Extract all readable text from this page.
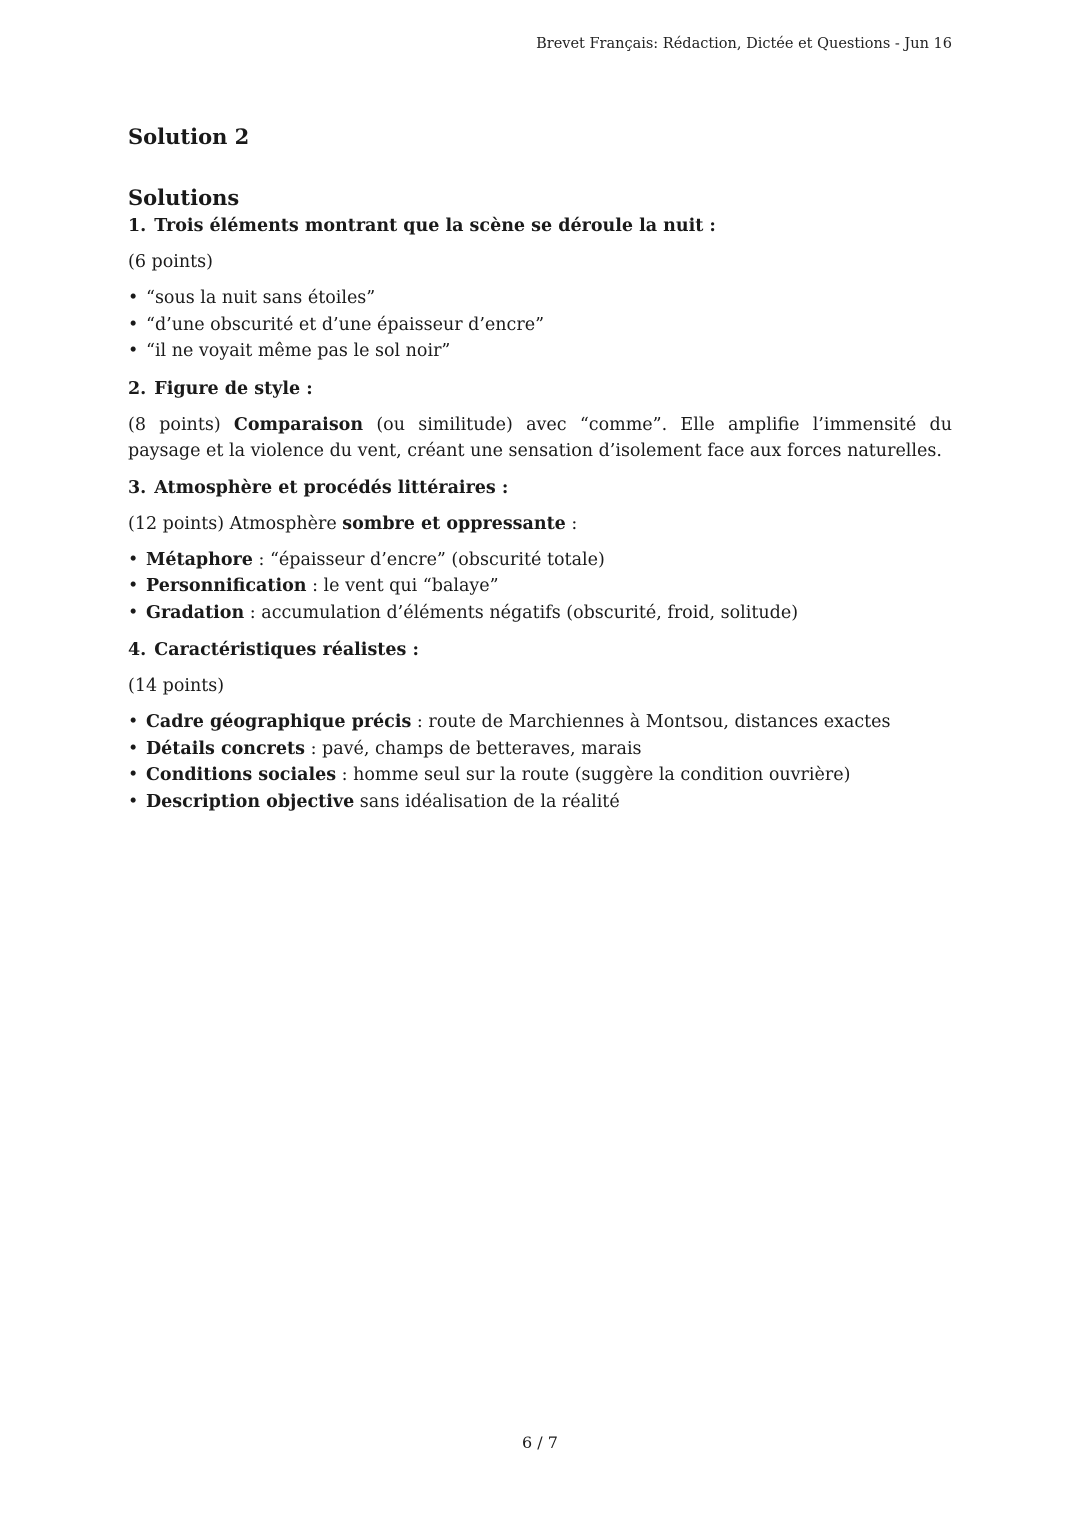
Brevet Français: Rédaction, Dictée et Questions - Jun 16
Solution 2
Solutions

1. Trois éléments montrant que la scène se déroule la nuit :

(6 points)

• “sous la nuit sans étoiles”
• “d’une obscurité et d’une épaisseur d’encre”
• “il ne voyait même pas le sol noir”

2. Figure de style :

(8 points) Comparaison (ou similitude) avec “comme”. Elle amplifie l’immensité du paysage et la violence du vent, créant une sensation d’isolement face aux forces naturelles.

3. Atmosphère et procédés littéraires :

(12 points) Atmosphère sombre et oppressante :

• Métaphore : “épaisseur d’encre” (obscurité totale)
• Personnification : le vent qui “balaye”
• Gradation : accumulation d’éléments négatifs (obscurité, froid, solitude)

4. Caractéristiques réalistes :

(14 points)

• Cadre géographique précis : route de Marchiennes à Montsou, distances exactes
• Détails concrets : pavé, champs de betteraves, marais
• Conditions sociales : homme seul sur la route (suggère la condition ouvrière)
• Description objective sans idéalisation de la réalité
6 / 7
